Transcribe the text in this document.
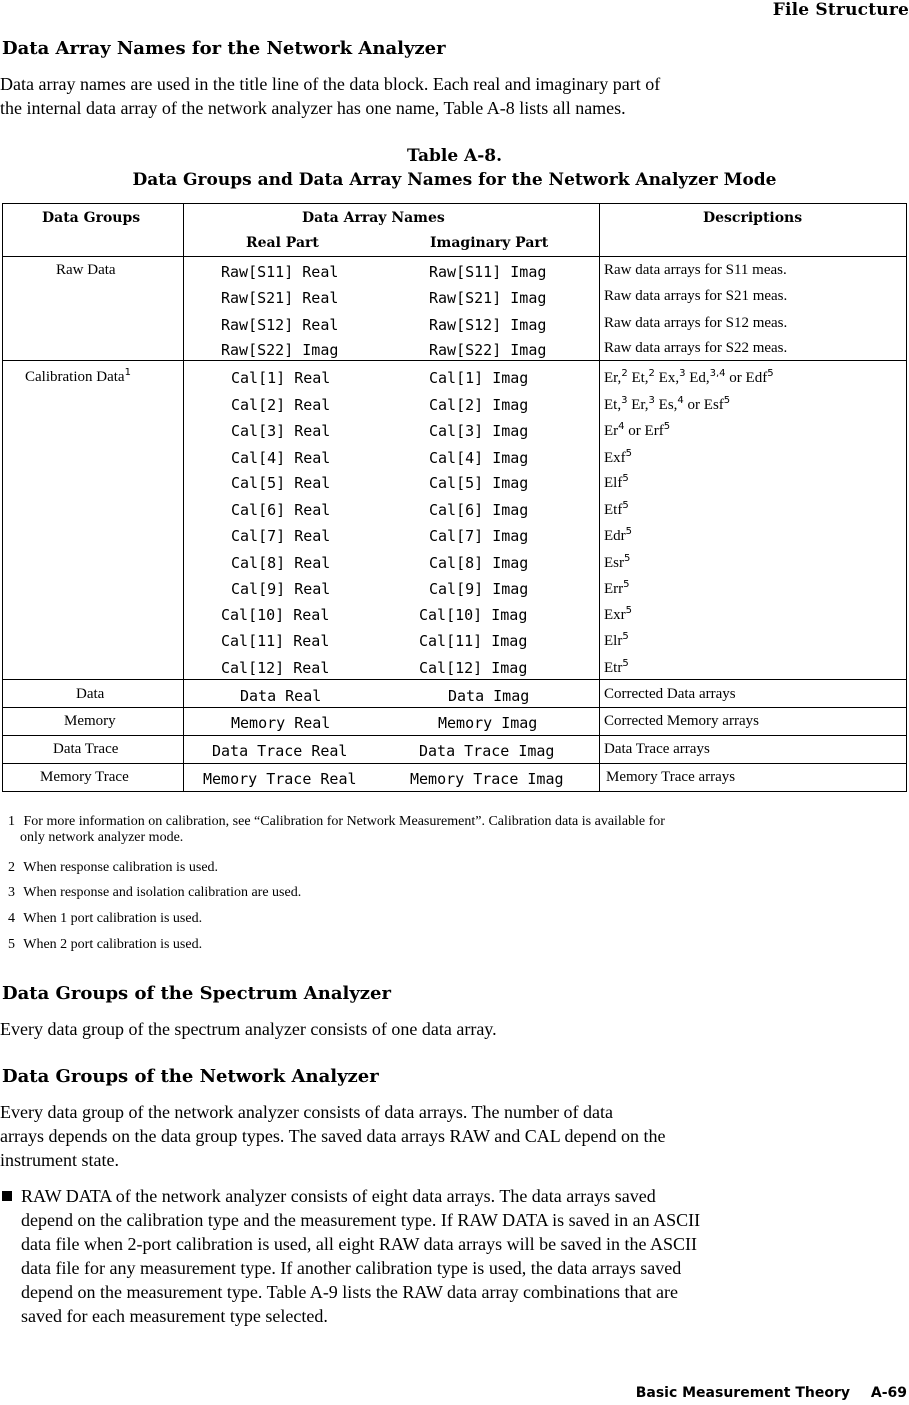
File Structure
Data Array Names for the Network Analyzer

Data array names are used in the title line of the data block. Each real and imaginary part of

the internal data array of the network analyzer has one name, Table A-8 lists all names.

Table A-8.
Data Groups and Data Array Names for the Network Analyzer Mode
Data Groups	Data Array Names
Real Part	Imaginary Part
Descriptions
Raw Data	Raw[S11] Real	Raw[S11] Imag	Raw data arrays for S11 meas.
Raw[S21] Real	Raw[S21] Imag	Raw data arrays for S21 meas.
Raw[S12] Real	Raw[S12] Imag	Raw data arrays for S12 meas.
Raw[S22] Imag	Raw[S22] Imag	Raw data arrays for S22 meas.
Calibration Data$^1$	Cal[1] Real	Cal[1] Imag	Er,$^2$ Et,$^2$ Ex,$^3$ Ed,$^{3,4}$ or Edf$^5$
Cal[2] Real	Cal[2] Imag	Et,$^3$ Er,$^3$ Es,$^4$ or Esf$^5$
Cal[3] Real	Cal[3] Imag	Er$^4$ or Erf$^5$
Cal[4] Real	Cal[4] Imag	Exf$^5$
Cal[5] Real	Cal[5] Imag	Elf$^5$
Cal[6] Real	Cal[6] Imag	Etf$^5$
Cal[7] Real	Cal[7] Imag	Edr$^5$
Cal[8] Real	Cal[8] Imag	Esr$^5$
Cal[9] Real	Cal[9] Imag	Err$^5$
Cal[10] Real	Cal[10] Imag	Exr$^5$
Cal[11] Real	Cal[11] Imag	Elr$^5$
Cal[12] Real	Cal[12] Imag	Etr$^5$
Data	Data Real	Data Imag	Corrected Data arrays
Memory	Memory Real	Memory Imag	Corrected Memory arrays
Data Trace	Data Trace Real	Data Trace Imag	Data Trace arrays
Memory Trace	Memory Trace Real	Memory Trace Imag	Memory Trace arrays
1 For more information on calibration, see “Calibration for Network Measurement”. Calibration data is available for
only network analyzer mode.
2 When response calibration is used.
3 When response and isolation calibration are used.
4 When 1 port calibration is used.
5 When 2 port calibration is used.
Data Groups of the Spectrum Analyzer

Every data group of the spectrum analyzer consists of one data array.

Data Groups of the Network Analyzer

Every data group of the network analyzer consists of data arrays. The number of data

arrays depends on the data group types. The saved data arrays RAW and CAL depend on the

instrument state.

RAW DATA of the network analyzer consists of eight data arrays. The data arrays saved

depend on the calibration type and the measurement type. If RAW DATA is saved in an ASCII

data file when 2-port calibration is used, all eight RAW data arrays will be saved in the ASCII

data file for any measurement type. If another calibration type is used, the data arrays saved

depend on the measurement type. Table A-9 lists the RAW data array combinations that are

saved for each measurement type selected.

Basic Measurement Theory A-69
